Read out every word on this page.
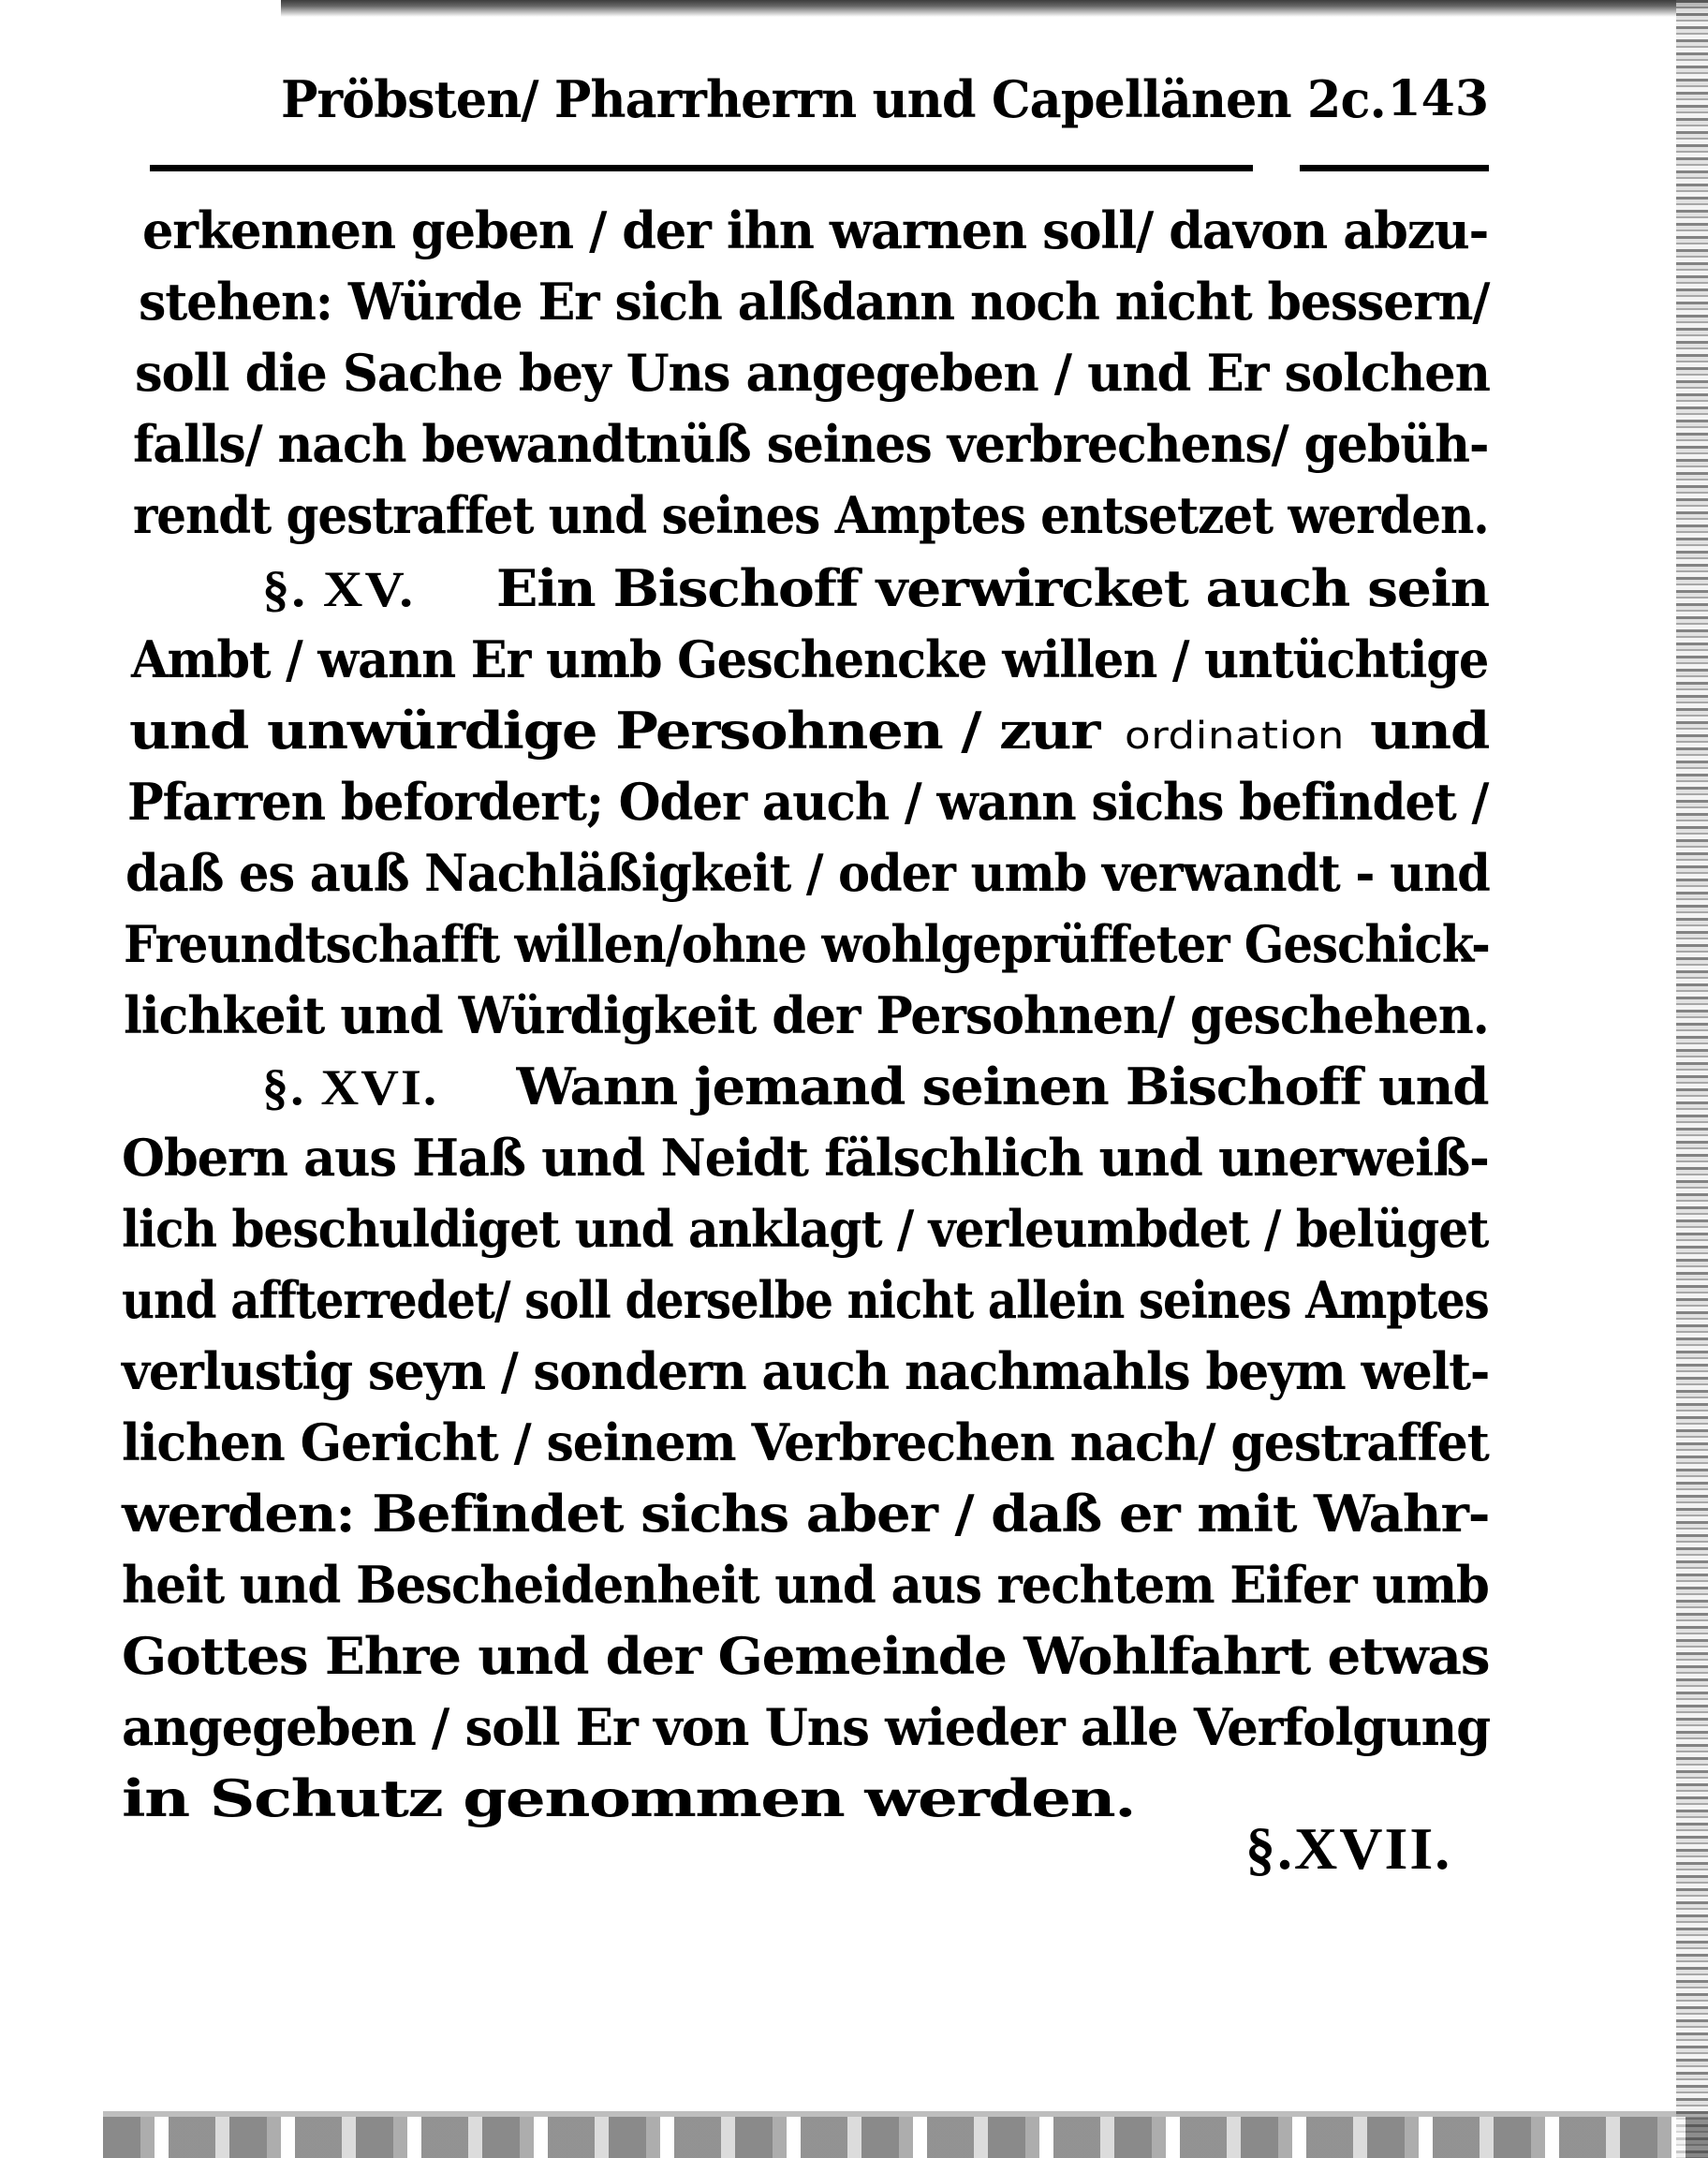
Pröbsten/ Pharrherrn und Capellänen 2c. 143
erkennen geben / der ihn warnen soll/ davon abzu-
stehen: Würde Er sich alßdann noch nicht bessern/
soll die Sache bey Uns angegeben / und Er solchen
falls/ nach bewandtnüß seines verbrechens/ gebüh-
rendt gestraffet und seines Amptes entsetzet werden.
§. XV. Ein Bischoff verwircket auch sein
Ambt / wann Er umb Geschencke willen / untüchtige
und unwürdige Persohnen / zur ordination und
Pfarren befordert; Oder auch / wann sichs befindet /
daß es auß Nachläßigkeit / oder umb verwandt - und
Freundtschafft willen/ohne wohlgeprüffeter Geschick-
lichkeit und Würdigkeit der Persohnen/ geschehen.
§. XVI. Wann jemand seinen Bischoff und
Obern aus Haß und Neidt fälschlich und unerweiß-
lich beschuldiget und anklagt / verleumbdet / belüget
und affterredet/ soll derselbe nicht allein seines Amptes
verlustig seyn / sondern auch nachmahls beym welt-
lichen Gericht / seinem Verbrechen nach/ gestraffet
werden: Befindet sichs aber / daß er mit Wahr-
heit und Bescheidenheit und aus rechtem Eifer umb
Gottes Ehre und der Gemeinde Wohlfahrt etwas
angegeben / soll Er von Uns wieder alle Verfolgung
in Schutz genommen werden.
§.XVII.
